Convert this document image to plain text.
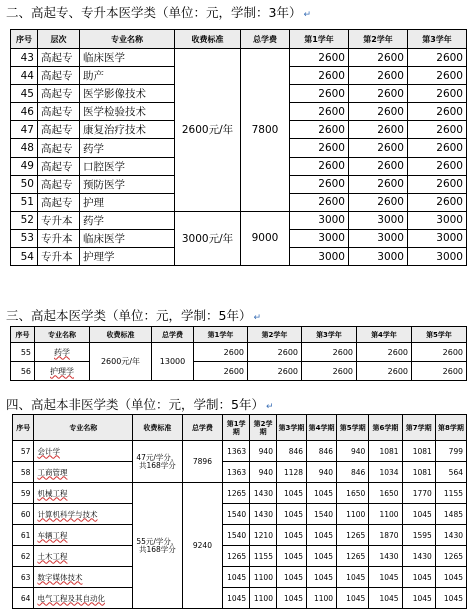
二、高起专、专升本医学类（单位：元，学制：3年） ↵
序号	层次	专业名称	收费标准	总学费	第1学年	第2学年	第3学年
43	高起专	临床医学	2600元/年	7800	2600	2600	2600
44	高起专	助产			2600	2600	2600
45	高起专	医学影像技术			2600	2600	2600
46	高起专	医学检验技术			2600	2600	2600
47	高起专	康复治疗技术			2600	2600	2600
48	高起专	药学			2600	2600	2600
49	高起专	口腔医学			2600	2600	2600
50	高起专	预防医学			2600	2600	2600
51	高起专	护理			2600	2600	2600
52	专升本	药学	3000元/年	9000	3000	3000	3000
53	专升本	临床医学			3000	3000	3000
54	专升本	护理学			3000	3000	3000
三、高起本医学类（单位：元，学制：5年） ↵
序号	专业名称	收费标准	总学费	第1学年	第2学年	第3学年	第4学年	第5学年
55	药学	2600元/年	13000	2600	2600	2600	2600	2600
56	护理学			2600	2600	2600	2600	2600
四、高起本非医学类（单位：元，学制：5年） ↵
序号	专业名称	收费标准	总学费	第1学期	第2学期	第3学期	第4学期	第5学期	第6学期	第7学期	第8学期
57	会计学	47元/学分，共168学分	7896	1363	940	846	846	940	1081	1081	799
58	工商管理			1363	940	1128	940	846	1034	1081	564
59	机械工程	55元/学分，共168学分	9240	1265	1430	1045	1045	1650	1650	1770	1155
60	计算机科学与技术			1540	1430	1045	1540	1100	1100	1045	1485
61	车辆工程			1540	1210	1045	1045	1265	1870	1595	1430
62	土木工程			1265	1155	1045	1045	1265	1430	1430	1265
63	数字媒体技术			1045	1100	1045	1045	1045	1045	1045	1045
64	电气工程及其自动化			1045	1100	1045	1100	1045	1045	1045	1045
